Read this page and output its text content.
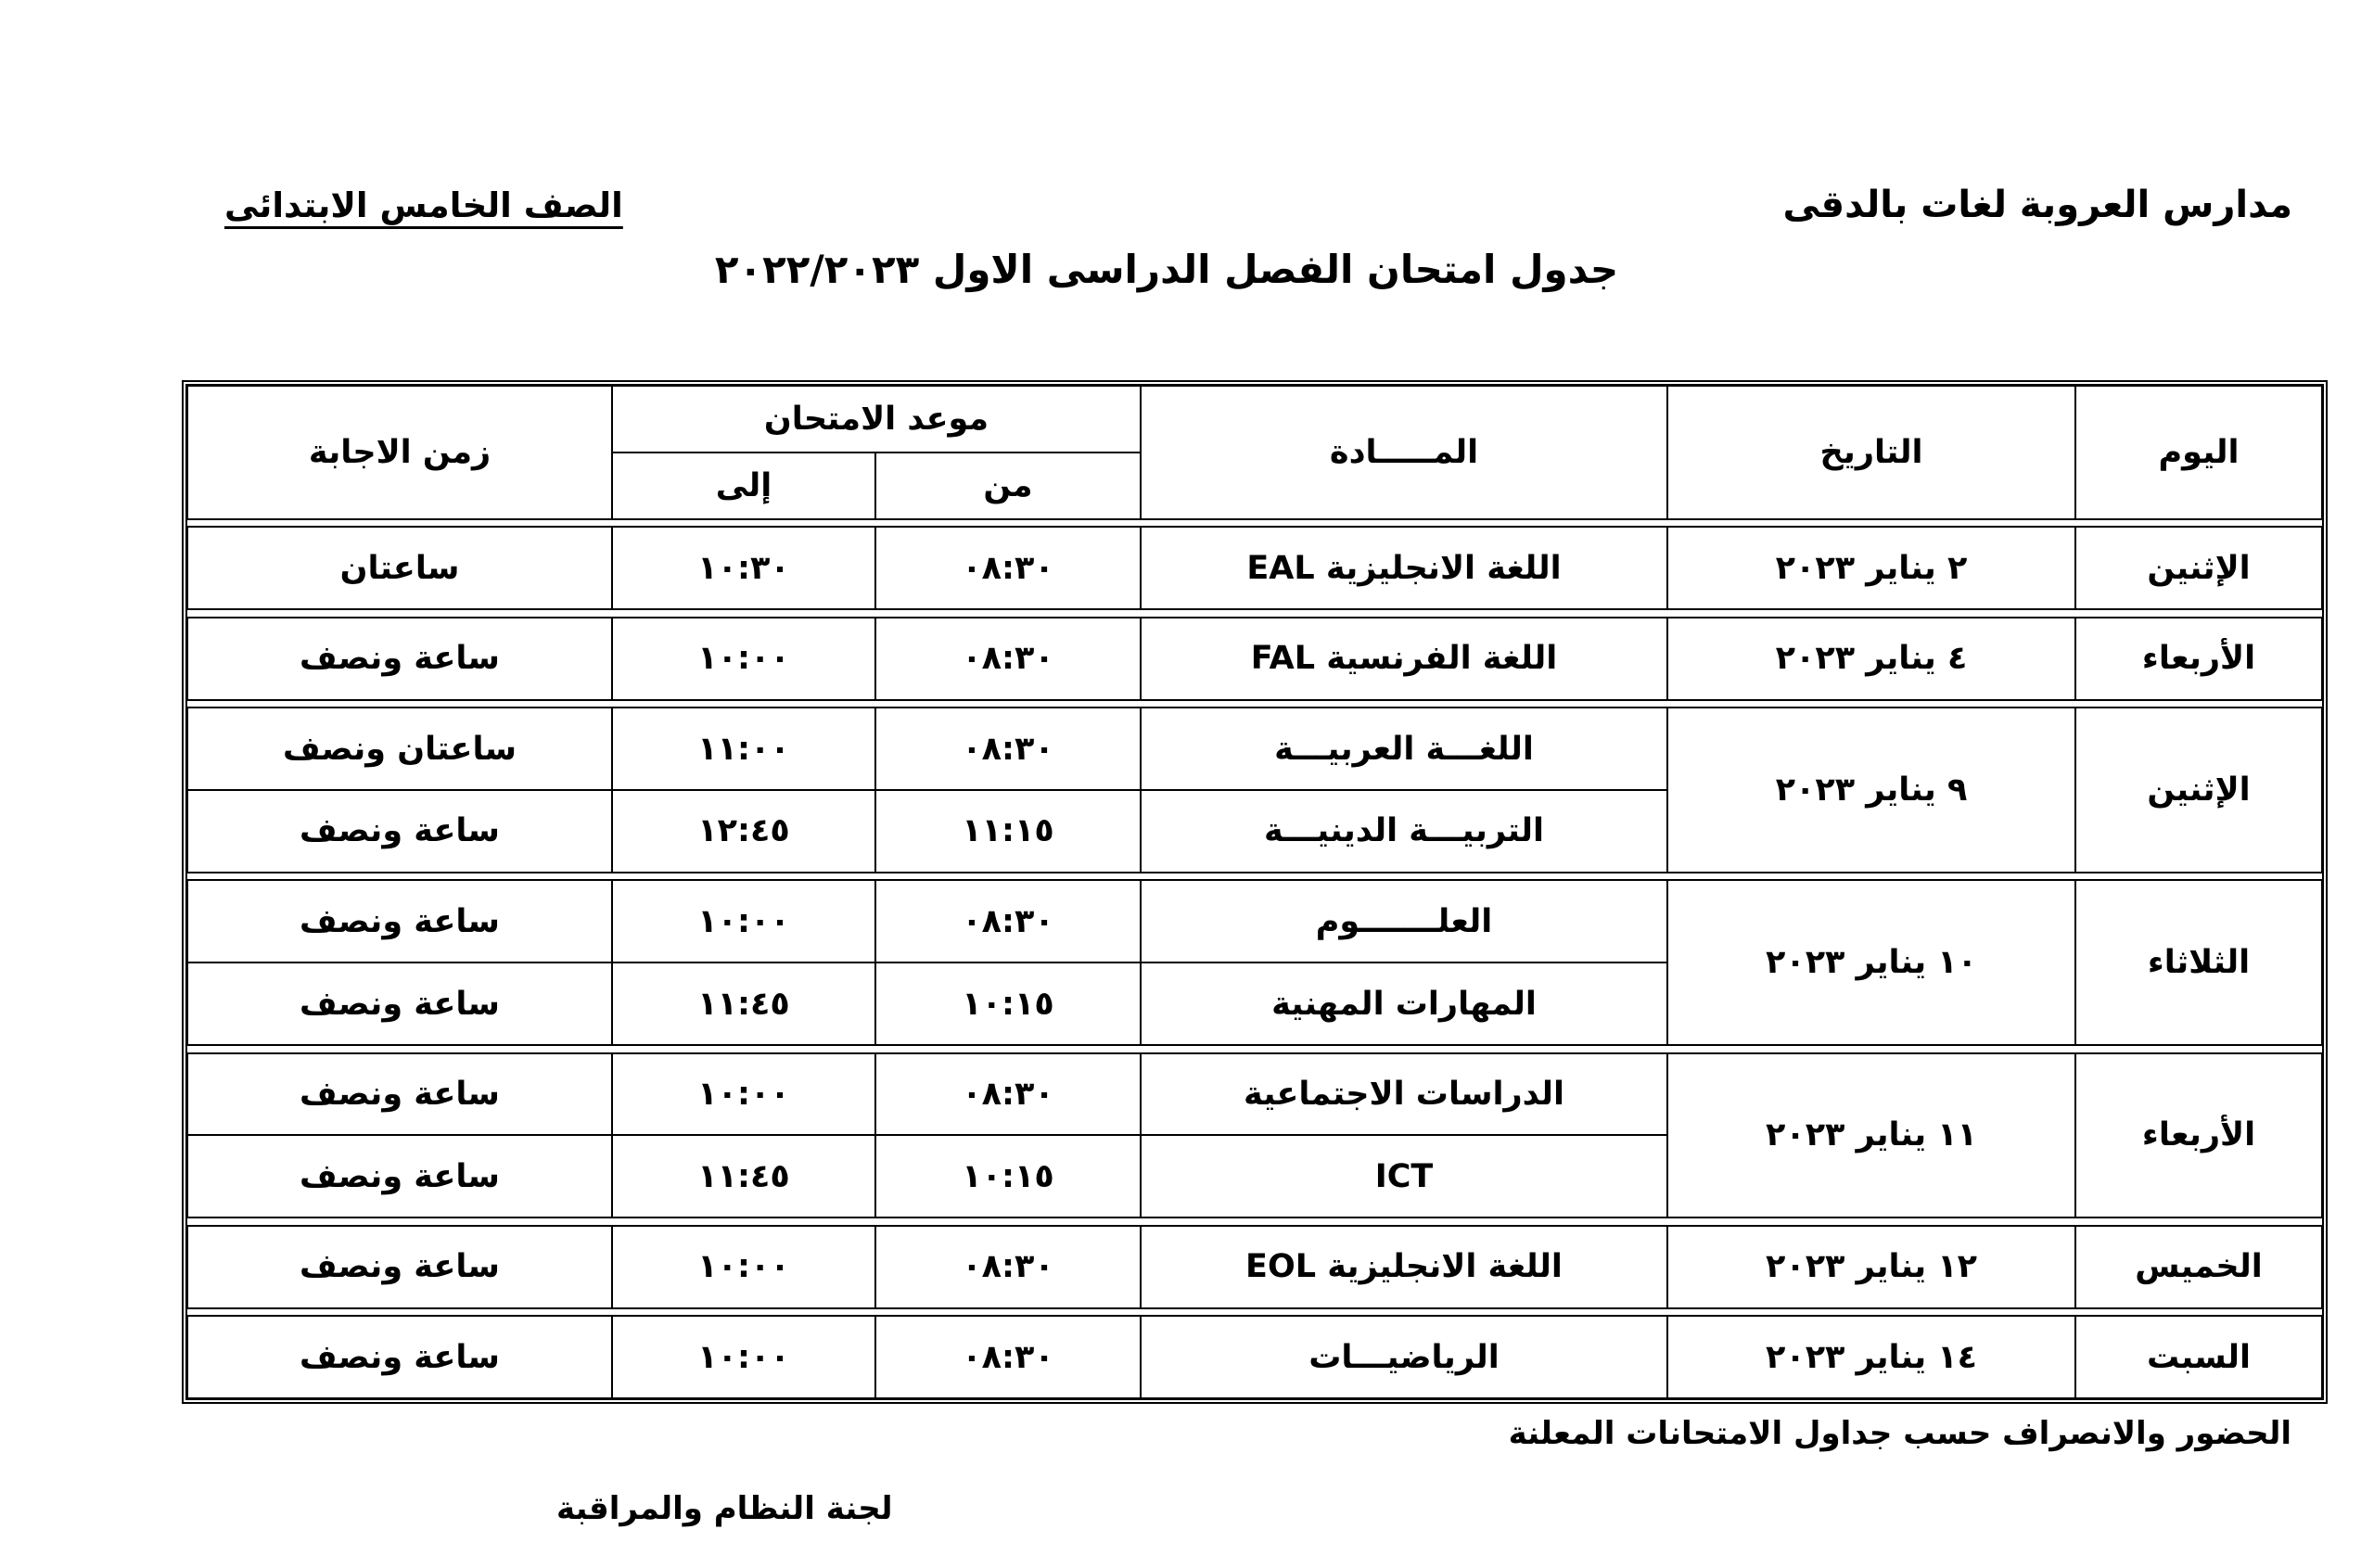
مدارس العروبة لغات بالدقى
الصف الخامس الابتدائى
جدول امتحان الفصل الدراسى الاول ٢٠٢٢/٢٠٢٣
اليوم	التاريخ	المـــــادة	موعد الامتحان		زمن الاجابة
			من	إلى	

الإثنين	٢ يناير ٢٠٢٣	اللغة الانجليزية EAL	٠٨:٣٠	١٠:٣٠	ساعتان

الأربعاء	٤ يناير ٢٠٢٣	اللغة الفرنسية FAL	٠٨:٣٠	١٠:٠٠	ساعة ونصف

الإثنين	٩ يناير ٢٠٢٣	اللغـــة العربيـــة	٠٨:٣٠	١١:٠٠	ساعتان ونصف
		التربيـــة الدينيـــة	١١:١٥	١٢:٤٥	ساعة ونصف

الثلاثاء	١٠ يناير ٢٠٢٣	العلـــــــوم	٠٨:٣٠	١٠:٠٠	ساعة ونصف
		المهارات المهنية	١٠:١٥	١١:٤٥	ساعة ونصف

الأربعاء	١١ يناير ٢٠٢٣	الدراسات الاجتماعية	٠٨:٣٠	١٠:٠٠	ساعة ونصف
		ICT	١٠:١٥	١١:٤٥	ساعة ونصف

الخميس	١٢ يناير ٢٠٢٣	اللغة الانجليزية EOL	٠٨:٣٠	١٠:٠٠	ساعة ونصف

السبت	١٤ يناير ٢٠٢٣	الرياضيـــات	٠٨:٣٠	١٠:٠٠	ساعة ونصف
الحضور والانصراف حسب جداول الامتحانات المعلنة
لجنة النظام والمراقبة
